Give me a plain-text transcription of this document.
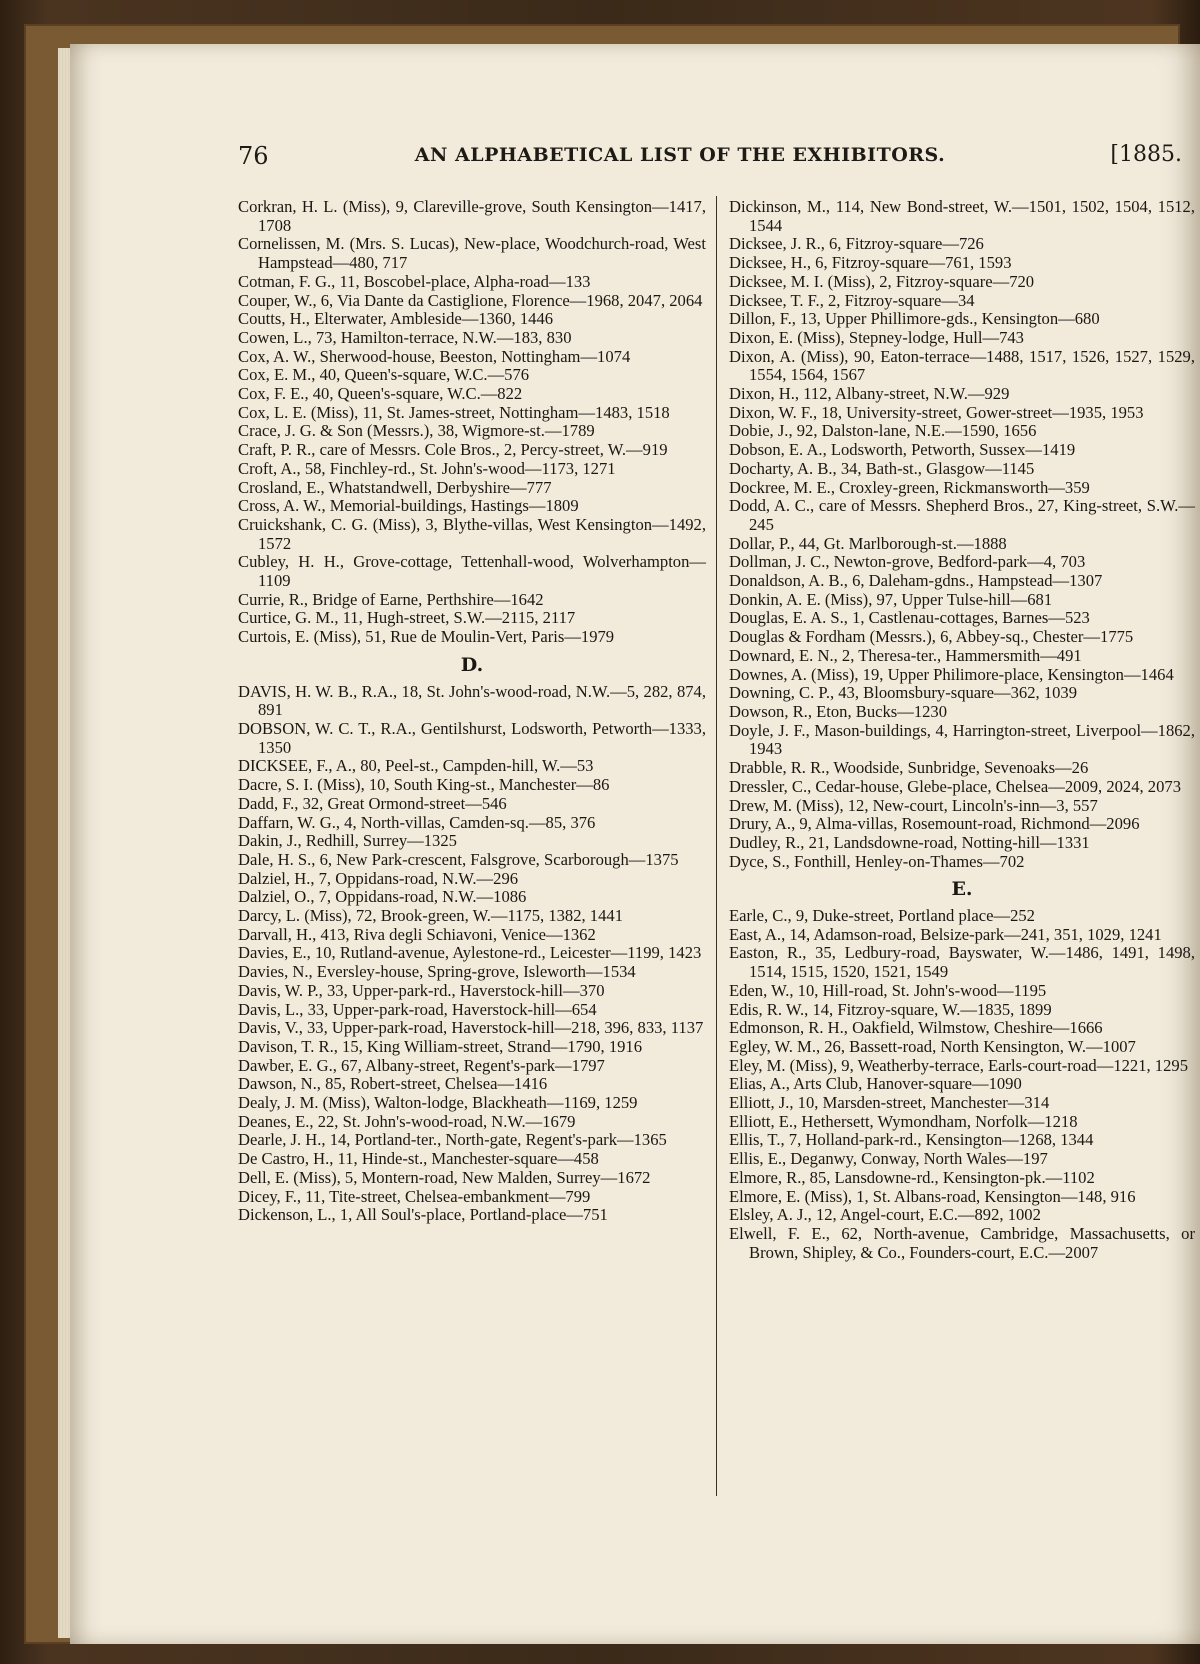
76	AN ALPHABETICAL LIST OF THE EXHIBITORS.	[1885.

Corkran, H. L. (Miss), 9, Clareville-grove, South Kensington—1417, 1708

Cornelissen, M. (Mrs. S. Lucas), New-place, Woodchurch-road, West Hampstead—480, 717

Cotman, F. G., 11, Boscobel-place, Alpha-road—133

Couper, W., 6, Via Dante da Castiglione, Florence—1968, 2047, 2064

Coutts, H., Elterwater, Ambleside—1360, 1446

Cowen, L., 73, Hamilton-terrace, N.W.—183, 830

Cox, A. W., Sherwood-house, Beeston, Nottingham—1074

Cox, E. M., 40, Queen's-square, W.C.—576

Cox, F. E., 40, Queen's-square, W.C.—822

Cox, L. E. (Miss), 11, St. James-street, Nottingham—1483, 1518

Crace, J. G. & Son (Messrs.), 38, Wigmore-st.—1789

Craft, P. R., care of Messrs. Cole Bros., 2, Percy-street, W.—919

Croft, A., 58, Finchley-rd., St. John's-wood—1173, 1271

Crosland, E., Whatstandwell, Derbyshire—777

Cross, A. W., Memorial-buildings, Hastings—1809

Cruickshank, C. G. (Miss), 3, Blythe-villas, West Kensington—1492, 1572

Cubley, H. H., Grove-cottage, Tettenhall-wood, Wolverhampton—1109

Currie, R., Bridge of Earne, Perthshire—1642

Curtice, G. M., 11, Hugh-street, S.W.—2115, 2117

Curtois, E. (Miss), 51, Rue de Moulin-Vert, Paris—1979

D.

DAVIS, H. W. B., R.A., 18, St. John's-wood-road, N.W.—5, 282, 874, 891

DOBSON, W. C. T., R.A., Gentilshurst, Lodsworth, Petworth—1333, 1350

DICKSEE, F., A., 80, Peel-st., Campden-hill, W.—53

Dacre, S. I. (Miss), 10, South King-st., Manchester—86

Dadd, F., 32, Great Ormond-street—546

Daffarn, W. G., 4, North-villas, Camden-sq.—85, 376

Dakin, J., Redhill, Surrey—1325

Dale, H. S., 6, New Park-crescent, Falsgrove, Scarborough—1375

Dalziel, H., 7, Oppidans-road, N.W.—296

Dalziel, O., 7, Oppidans-road, N.W.—1086

Darcy, L. (Miss), 72, Brook-green, W.—1175, 1382, 1441

Darvall, H., 413, Riva degli Schiavoni, Venice—1362

Davies, E., 10, Rutland-avenue, Aylestone-rd., Leicester—1199, 1423

Davies, N., Eversley-house, Spring-grove, Isleworth—1534

Davis, W. P., 33, Upper-park-rd., Haverstock-hill—370

Davis, L., 33, Upper-park-road, Haverstock-hill—654

Davis, V., 33, Upper-park-road, Haverstock-hill—218, 396, 833, 1137

Davison, T. R., 15, King William-street, Strand—1790, 1916

Dawber, E. G., 67, Albany-street, Regent's-park—1797

Dawson, N., 85, Robert-street, Chelsea—1416

Dealy, J. M. (Miss), Walton-lodge, Blackheath—1169, 1259

Deanes, E., 22, St. John's-wood-road, N.W.—1679

Dearle, J. H., 14, Portland-ter., North-gate, Regent's-park—1365

De Castro, H., 11, Hinde-st., Manchester-square—458

Dell, E. (Miss), 5, Montern-road, New Malden, Surrey—1672

Dicey, F., 11, Tite-street, Chelsea-embankment—799

Dickenson, L., 1, All Soul's-place, Portland-place—751

Dickinson, M., 114, New Bond-street, W.—1501, 1502, 1504, 1512, 1544

Dicksee, J. R., 6, Fitzroy-square—726

Dicksee, H., 6, Fitzroy-square—761, 1593

Dicksee, M. I. (Miss), 2, Fitzroy-square—720

Dicksee, T. F., 2, Fitzroy-square—34

Dillon, F., 13, Upper Phillimore-gds., Kensington—680

Dixon, E. (Miss), Stepney-lodge, Hull—743

Dixon, A. (Miss), 90, Eaton-terrace—1488, 1517, 1526, 1527, 1529, 1554, 1564, 1567

Dixon, H., 112, Albany-street, N.W.—929

Dixon, W. F., 18, University-street, Gower-street—1935, 1953

Dobie, J., 92, Dalston-lane, N.E.—1590, 1656

Dobson, E. A., Lodsworth, Petworth, Sussex—1419

Docharty, A. B., 34, Bath-st., Glasgow—1145

Dockree, M. E., Croxley-green, Rickmansworth—359

Dodd, A. C., care of Messrs. Shepherd Bros., 27, King-street, S.W.—245

Dollar, P., 44, Gt. Marlborough-st.—1888

Dollman, J. C., Newton-grove, Bedford-park—4, 703

Donaldson, A. B., 6, Daleham-gdns., Hampstead—1307

Donkin, A. E. (Miss), 97, Upper Tulse-hill—681

Douglas, E. A. S., 1, Castlenau-cottages, Barnes—523

Douglas & Fordham (Messrs.), 6, Abbey-sq., Chester—1775

Downard, E. N., 2, Theresa-ter., Hammersmith—491

Downes, A. (Miss), 19, Upper Philimore-place, Kensington—1464

Downing, C. P., 43, Bloomsbury-square—362, 1039

Dowson, R., Eton, Bucks—1230

Doyle, J. F., Mason-buildings, 4, Harrington-street, Liverpool—1862, 1943

Drabble, R. R., Woodside, Sunbridge, Sevenoaks—26

Dressler, C., Cedar-house, Glebe-place, Chelsea—2009, 2024, 2073

Drew, M. (Miss), 12, New-court, Lincoln's-inn—3, 557

Drury, A., 9, Alma-villas, Rosemount-road, Richmond—2096

Dudley, R., 21, Landsdowne-road, Notting-hill—1331

Dyce, S., Fonthill, Henley-on-Thames—702

E.

Earle, C., 9, Duke-street, Portland place—252

East, A., 14, Adamson-road, Belsize-park—241, 351, 1029, 1241

Easton, R., 35, Ledbury-road, Bayswater, W.—1486, 1491, 1498, 1514, 1515, 1520, 1521, 1549

Eden, W., 10, Hill-road, St. John's-wood—1195

Edis, R. W., 14, Fitzroy-square, W.—1835, 1899

Edmonson, R. H., Oakfield, Wilmstow, Cheshire—1666

Egley, W. M., 26, Bassett-road, North Kensington, W.—1007

Eley, M. (Miss), 9, Weatherby-terrace, Earls-court-road—1221, 1295

Elias, A., Arts Club, Hanover-square—1090

Elliott, J., 10, Marsden-street, Manchester—314

Elliott, E., Hethersett, Wymondham, Norfolk—1218

Ellis, T., 7, Holland-park-rd., Kensington—1268, 1344

Ellis, E., Deganwy, Conway, North Wales—197

Elmore, R., 85, Lansdowne-rd., Kensington-pk.—1102

Elmore, E. (Miss), 1, St. Albans-road, Kensington—148, 916

Elsley, A. J., 12, Angel-court, E.C.—892, 1002

Elwell, F. E., 62, North-avenue, Cambridge, Massachusetts, or Brown, Shipley, & Co., Founders-court, E.C.—2007
